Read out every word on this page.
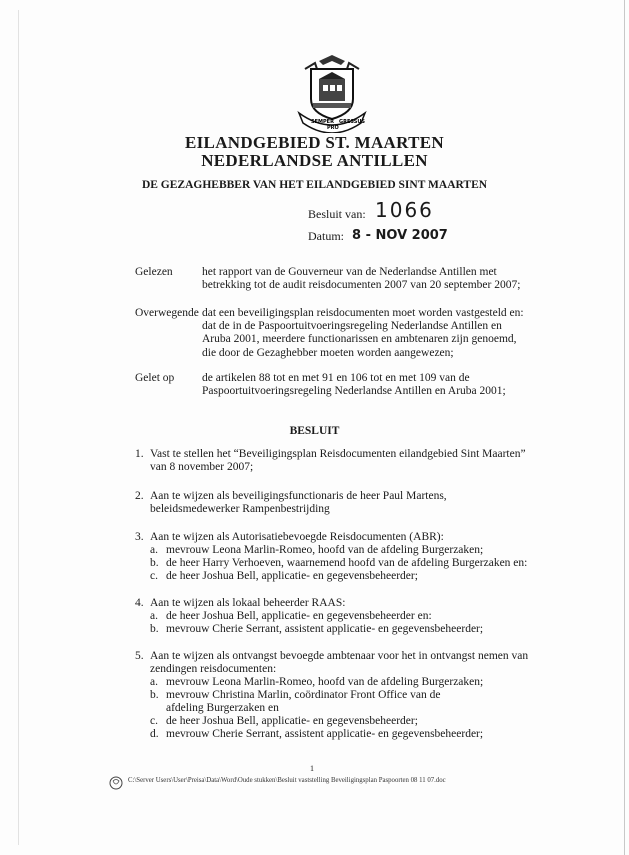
SEMPER
PRO
GRESSUS
EILANDGEBIED ST. MAARTEN
NEDERLANDSE ANTILLEN
DE GEZAGHEBBER VAN HET EILANDGEBIED SINT MAARTEN
Besluit van: 1066
Datum: 8 - NOV 2007
Gelezen	het rapport van de Gouverneur van de Nederlandse Antillen met
betrekking tot de audit reisdocumenten 2007 van 20 september 2007;
Overwegende dat een beveiligingsplan reisdocumenten moet worden vastgesteld en:
dat de in de Paspoortuitvoeringsregeling Nederlandse Antillen en
Aruba 2001, meerdere functionarissen en ambtenaren zijn genoemd,
die door de Gezaghebber moeten worden aangewezen;
Gelet op de artikelen 88 tot en met 91 en 106 tot en met 109 van de
Paspoortuitvoeringsregeling Nederlandse Antillen en Aruba 2001;
BESLUIT
1. Vast te stellen het “Beveiligingsplan Reisdocumenten eilandgebied Sint Maarten”
van 8 november 2007;
2. Aan te wijzen als beveiligingsfunctionaris de heer Paul Martens,
beleidsmedewerker Rampenbestrijding
3. Aan te wijzen als Autorisatiebevoegde Reisdocumenten (ABR):
a. mevrouw Leona Marlin-Romeo, hoofd van de afdeling Burgerzaken;
b. de heer Harry Verhoeven, waarnemend hoofd van de afdeling Burgerzaken en:
c. de heer Joshua Bell, applicatie- en gegevensbeheerder;
4. Aan te wijzen als lokaal beheerder RAAS:
a. de heer Joshua Bell, applicatie- en gegevensbeheerder en:
b. mevrouw Cherie Serrant, assistent applicatie- en gegevensbeheerder;
5. Aan te wijzen als ontvangst bevoegde ambtenaar voor het in ontvangst nemen van
zendingen reisdocumenten:
a. mevrouw Leona Marlin-Romeo, hoofd van de afdeling Burgerzaken;
b. mevrouw Christina Marlin, coördinator Front Office van de afdeling Burgerzaken en
c. de heer Joshua Bell, applicatie- en gegevensbeheerder;
d. mevrouw Cherie Serrant, assistent applicatie- en gegevensbeheerder;
1
C:\Server Users\User\Preisa\Data\Word\Oude stukken\Besluit vaststelling Beveiligingsplan Paspoorten 08 11 07.doc
